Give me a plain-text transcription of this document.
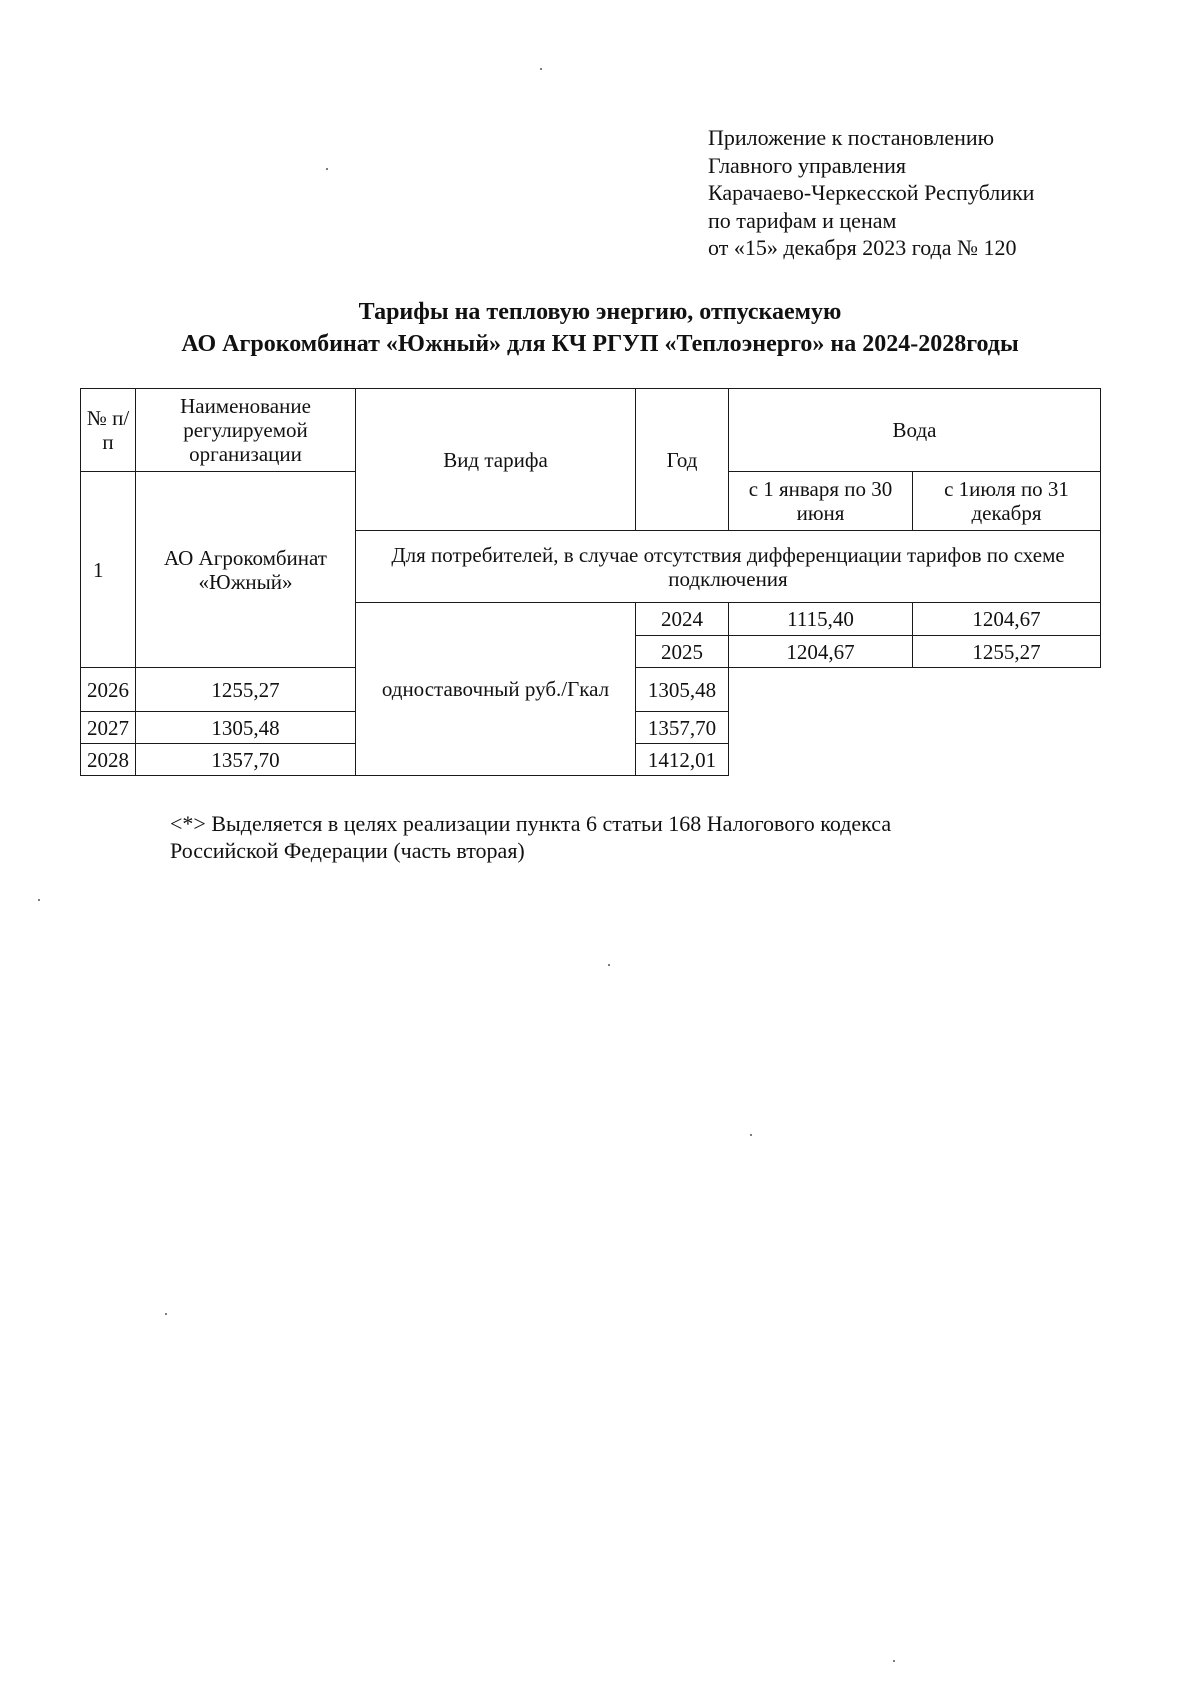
Приложение к постановлению
Главного управления
Карачаево-Черкесской Республики
по тарифам и ценам
от «15» декабря 2023 года № 120
Тарифы на тепловую энергию, отпускаемую
АО Агрокомбинат «Южный» для КЧ РГУП «Теплоэнерго» на 2024-2028годы
№ п/п	Наименование регулируемой организации	Вид тарифа	Год	Вода	
1	АО Агрокомбинат «Южный»			с 1 января по 30 июня	с 1июля по 31 декабря
		Для потребителей, в случае отсутствия дифференциации тарифов по схеме подключения			
		одноставочный руб./Гкал	2024	1115,40	1204,67
			2025	1204,67	1255,27
2026	1255,27		1305,48		
2027	1305,48		1357,70		
2028	1357,70		1412,01		
<*> Выделяется в целях реализации пункта 6 статьи 168 Налогового кодекса
Российской Федерации (часть вторая)
